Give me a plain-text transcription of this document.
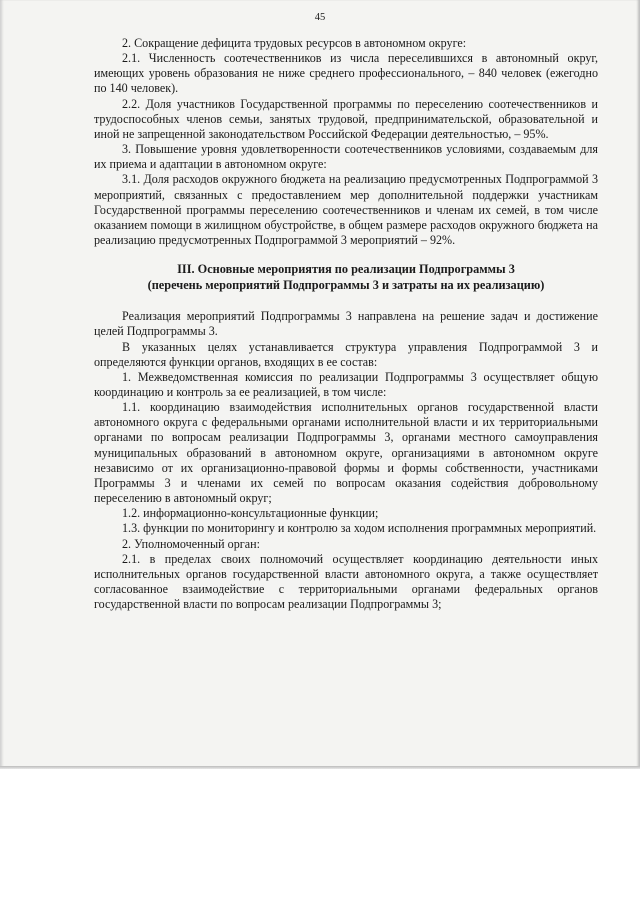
45

2. Сокращение дефицита трудовых ресурсов в автономном округе:

2.1. Численность соотечественников из числа переселившихся в автономный округ, имеющих уровень образования не ниже среднего профессионального, – 840 человек (ежегодно по 140 человек).

2.2. Доля участников Государственной программы по переселению соотечественников и трудоспособных членов семьи, занятых трудовой, предпринимательской, образовательной и иной не запрещенной законодательством Российской Федерации деятельностью, – 95%.

3. Повышение уровня удовлетворенности соотечественников условиями, создаваемым для их приема и адаптации в автономном округе:

3.1. Доля расходов окружного бюджета на реализацию предусмотренных Подпрограммой 3 мероприятий, связанных с предоставлением мер дополнительной поддержки участникам Государственной программы переселению соотечественников и членам их семей, в том числе оказанием помощи в жилищном обустройстве, в общем размере расходов окружного бюджета на реализацию предусмотренных Подпрограммой 3 мероприятий – 92%.

III. Основные мероприятия по реализации Подпрограммы 3
(перечень мероприятий Подпрограммы 3 и затраты на их реализацию)

Реализация мероприятий Подпрограммы 3 направлена на решение задач и достижение целей Подпрограммы 3.

В указанных целях устанавливается структура управления Подпрограммой 3 и определяются функции органов, входящих в ее состав:

1. Межведомственная комиссия по реализации Подпрограммы 3 осуществляет общую координацию и контроль за ее реализацией, в том числе:

1.1. координацию взаимодействия исполнительных органов государственной власти автономного округа с федеральными органами исполнительной власти и их территориальными органами по вопросам реализации Подпрограммы 3, органами местного самоуправления муниципальных образований в автономном округе, организациями в автономном округе независимо от их организационно-правовой формы и формы собственности, участниками Программы 3 и членами их семей по вопросам оказания содействия добровольному переселению в автономный округ;

1.2. информационно-консультационные функции;

1.3. функции по мониторингу и контролю за ходом исполнения программных мероприятий.

2. Уполномоченный орган:

2.1. в пределах своих полномочий осуществляет координацию деятельности иных исполнительных органов государственной власти автономного округа, а также осуществляет согласованное взаимодействие с территориальными органами федеральных органов государственной власти по вопросам реализации Подпрограммы 3;
